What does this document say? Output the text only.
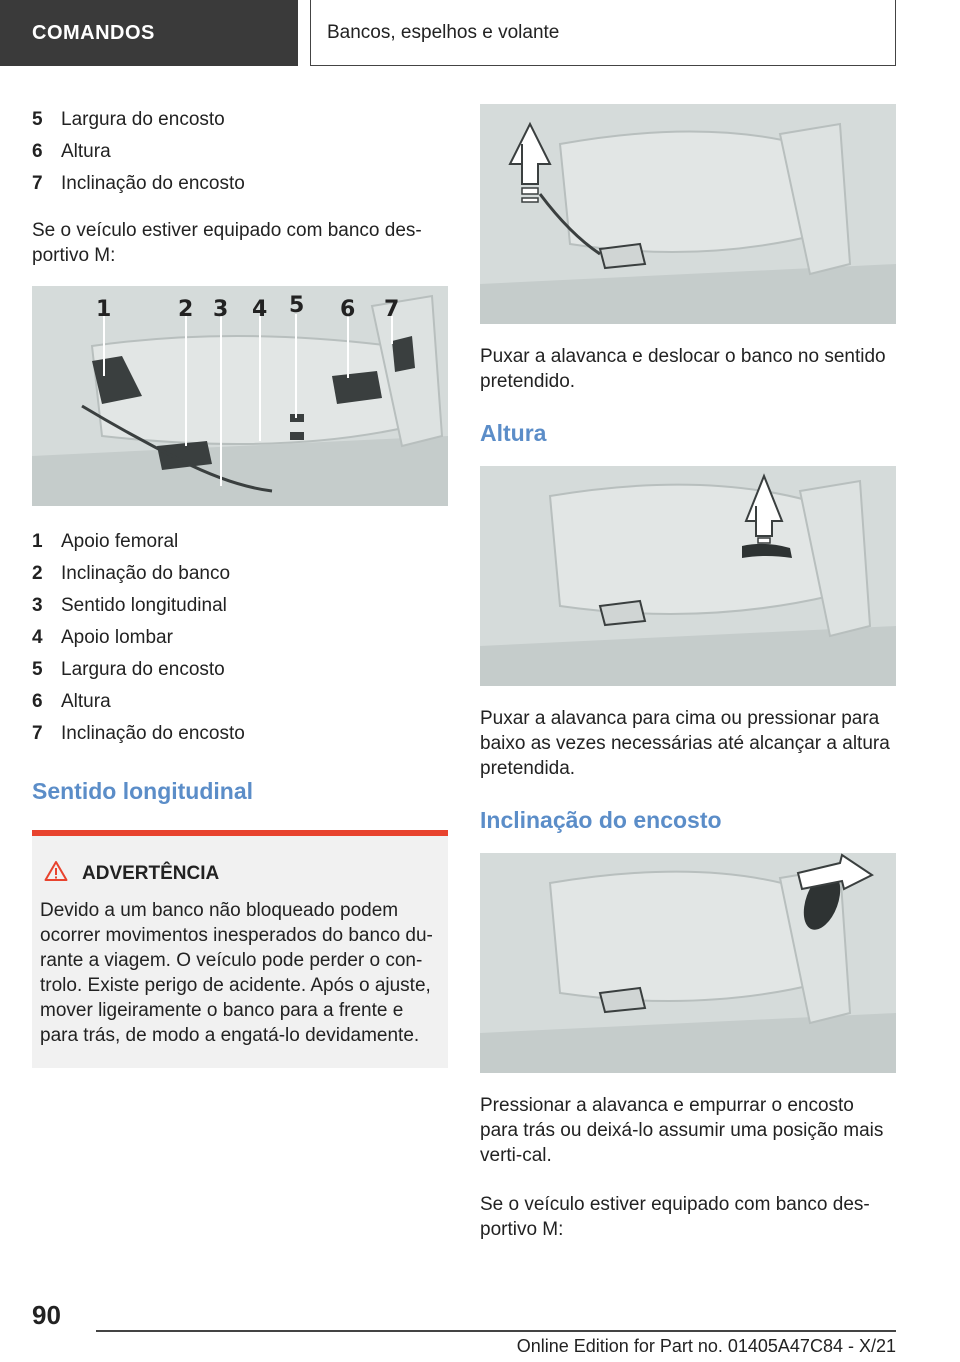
COMANDOS	Bancos, espelhos e volante
5 Largura do encosto
6 Altura
7 Inclinação do encosto

Se o veículo estiver equipado com banco des-portivo M:

1	2 3 4 5 6 7
1 Apoio femoral
2 Inclinação do banco
3 Sentido longitudinal
4 Apoio lombar
5 Largura do encosto
6 Altura
7 Inclinação do encosto
Sentido longitudinal
ADVERTÊNCIA
Devido a um banco não bloqueado podem ocorrer movimentos inesperados do banco du-rante a viagem. O veículo pode perder o con-trolo. Existe perigo de acidente. Após o ajuste, mover ligeiramente o banco para a frente e para trás, de modo a engatá-lo devidamente.

Puxar a alavanca e deslocar o banco no sentido pretendido.

Altura

Puxar a alavanca para cima ou pressionar para baixo as vezes necessárias até alcançar a altura pretendida.

Inclinação do encosto

Pressionar a alavanca e empurrar o encosto para trás ou deixá-lo assumir uma posição mais verti-cal.

Se o veículo estiver equipado com banco des-portivo M:

90
Online Edition for Part no. 01405A47C84 - X/21
